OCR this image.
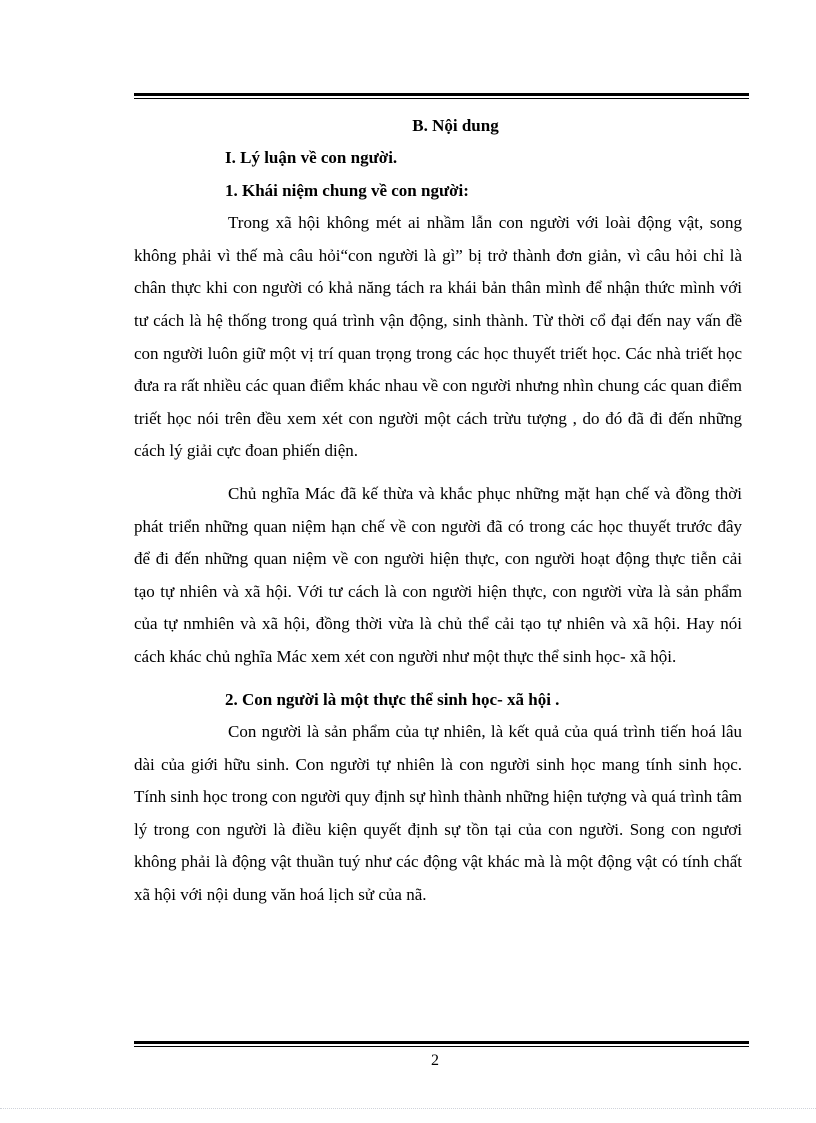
B. Nội dung
I. Lý luận về con người.
1. Khái niệm chung về con người:

Trong xã hội không mét ai nhầm lẫn con người với loài động vật, song không phải vì thế mà câu hỏi“con người là gì” bị trở thành đơn giản, vì câu hỏi chỉ là chân thực khi con người có khả năng tách ra khái bản thân mình để nhận thức mình với tư cách là hệ thống trong quá trình vận động, sinh thành. Từ thời cổ đại đến nay vấn đề con người luôn giữ một vị trí quan trọng trong các học thuyết triết học. Các nhà triết học đưa ra rất nhiều các quan điểm khác nhau về con người nhưng nhìn chung các quan điểm triết học nói trên đều xem xét con người một cách trừu tượng , do đó đã đi đến những cách lý giải cực đoan phiến diện.

Chủ nghĩa Mác đã kế thừa và khắc phục những mặt hạn chế và đồng thời phát triển những quan niệm hạn chế về con người đã có trong các học thuyết trước đây để đi đến những quan niệm về con người hiện thực, con người hoạt động thực tiễn cải tạo tự nhiên và xã hội. Với tư cách là con người hiện thực, con người vừa là sản phẩm của tự nmhiên và xã hội, đồng thời vừa là chủ thể cải tạo tự nhiên và xã hội. Hay nói cách khác chủ nghĩa Mác xem xét con người như một thực thể sinh học- xã hội.

2. Con người là một thực thể sinh học- xã hội .

Con người là sản phẩm của tự nhiên, là kết quả của quá trình tiến hoá lâu dài của giới hữu sinh. Con người tự nhiên là con người sinh học mang tính sinh học. Tính sinh học trong con người quy định sự hình thành những hiện tượng và quá trình tâm lý trong con người là điều kiện quyết định sự tồn tại của con người. Song con ngươi không phải là động vật thuần tuý như các động vật khác mà là một động vật có tính chất xã hội với nội dung văn hoá lịch sử của nã.

2
